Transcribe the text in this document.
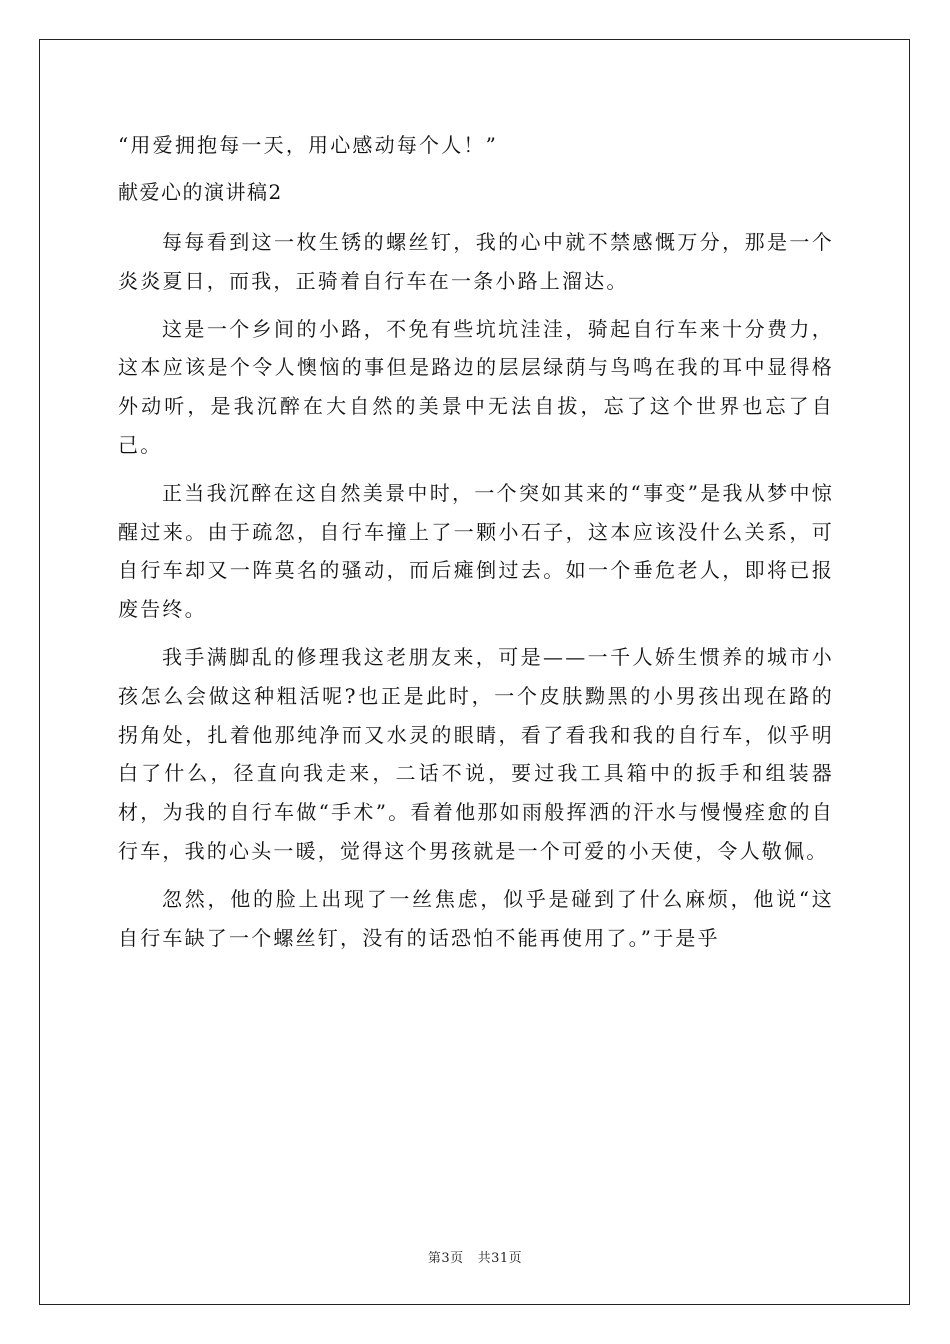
“用爱拥抱每一天，用心感动每个人！”

献爱心的演讲稿2

每每看到这一枚生锈的螺丝钉，我的心中就不禁感慨万分，那是一个炎炎夏日，而我，正骑着自行车在一条小路上溜达。

这是一个乡间的小路，不免有些坑坑洼洼，骑起自行车来十分费力，这本应该是个令人懊恼的事但是路边的层层绿荫与鸟鸣在我的耳中显得格外动听，是我沉醉在大自然的美景中无法自拔，忘了这个世界也忘了自己。

正当我沉醉在这自然美景中时，一个突如其来的“事变”是我从梦中惊醒过来。由于疏忽，自行车撞上了一颗小石子，这本应该没什么关系，可自行车却又一阵莫名的骚动，而后瘫倒过去。如一个垂危老人，即将已报废告终。

我手满脚乱的修理我这老朋友来，可是——一千人娇生惯养的城市小孩怎么会做这种粗活呢?也正是此时，一个皮肤黝黑的小男孩出现在路的拐角处，扎着他那纯净而又水灵的眼睛，看了看我和我的自行车，似乎明白了什么，径直向我走来，二话不说，要过我工具箱中的扳手和组装器材，为我的自行车做“手术”。看着他那如雨般挥洒的汗水与慢慢痊愈的自行车，我的心头一暖，觉得这个男孩就是一个可爱的小天使，令人敬佩。

忽然，他的脸上出现了一丝焦虑，似乎是碰到了什么麻烦，他说“这自行车缺了一个螺丝钉，没有的话恐怕不能再使用了。”于是乎

第3页 共31页
